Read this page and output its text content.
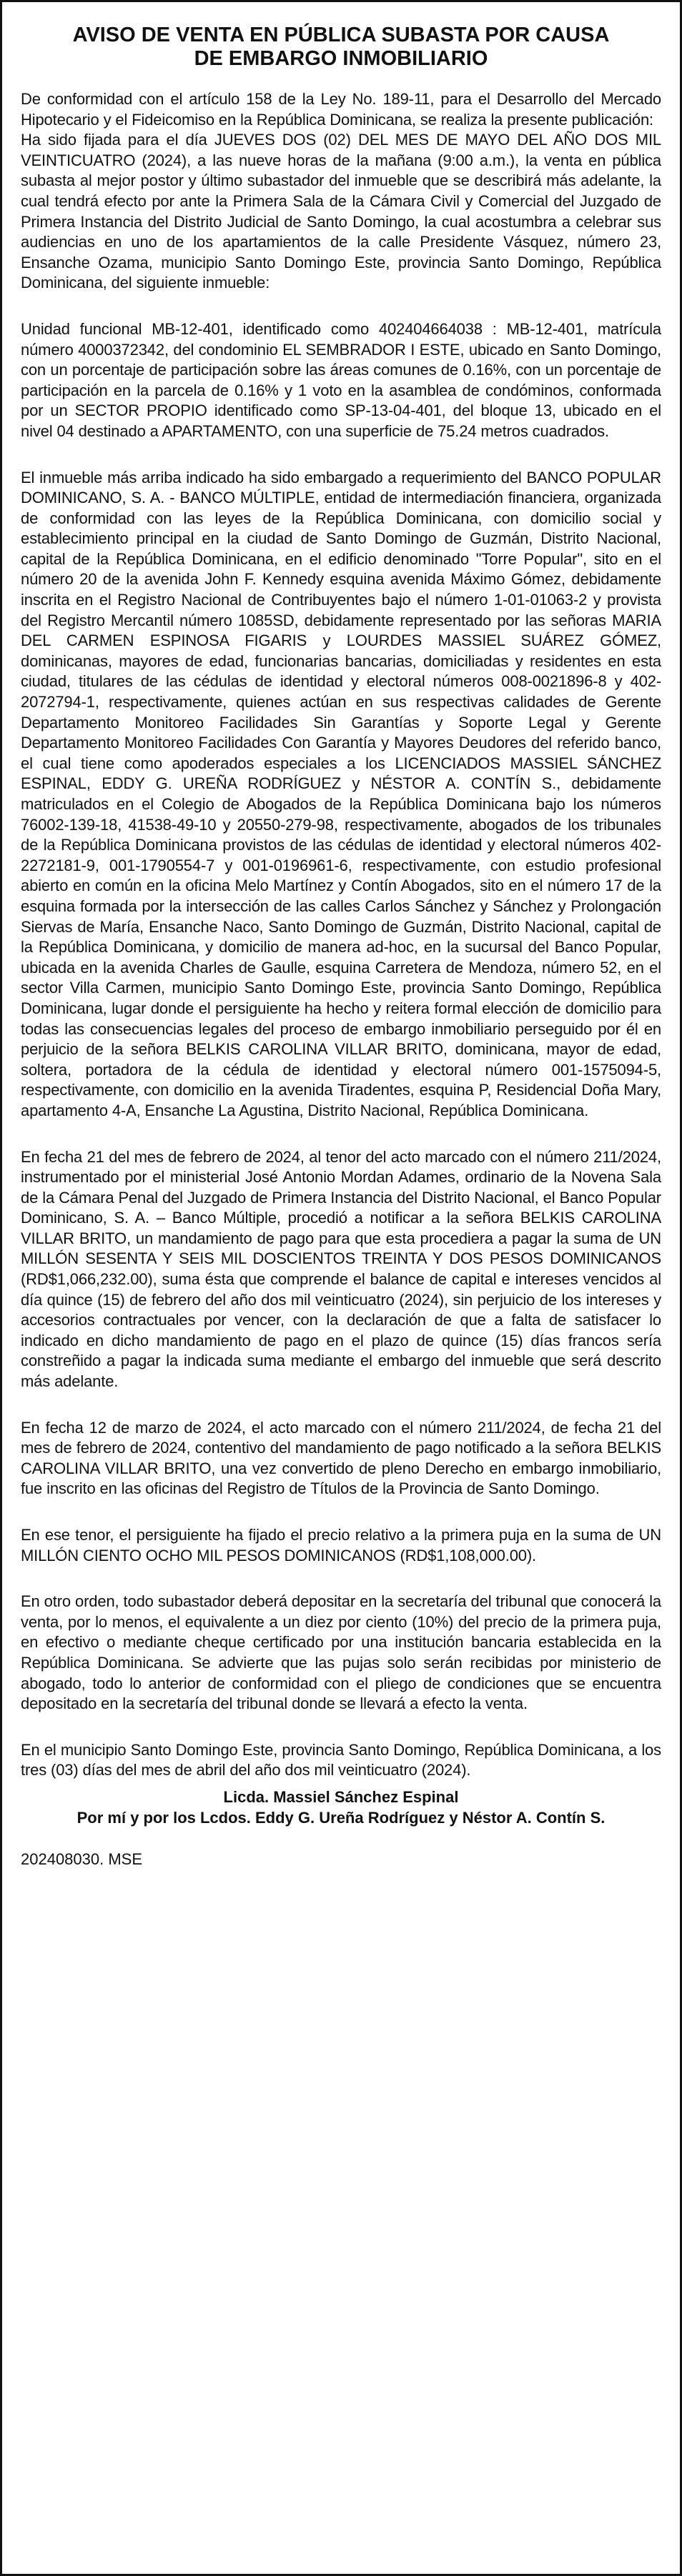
AVISO DE VENTA EN PÚBLICA SUBASTA POR CAUSA
DE EMBARGO INMOBILIARIO
De conformidad con el artículo 158 de la Ley No. 189-11, para el Desarrollo del Mercado Hipotecario y el Fideicomiso en la República Dominicana, se realiza la presente publicación:
Ha sido fijada para el día JUEVES DOS (02) DEL MES DE MAYO DEL AÑO DOS MIL VEINTICUATRO (2024), a las nueve horas de la mañana (9:00 a.m.), la venta en pública subasta al mejor postor y último subastador del inmueble que se describirá más adelante, la cual tendrá efecto por ante la Primera Sala de la Cámara Civil y Comercial del Juzgado de Primera Instancia del Distrito Judicial de Santo Domingo, la cual acostumbra a celebrar sus audiencias en uno de los apartamientos de la calle Presidente Vásquez, número 23, Ensanche Ozama, municipio Santo Domingo Este, provincia Santo Domingo, República Dominicana, del siguiente inmueble:
Unidad funcional MB-12-401, identificado como 402404664038 : MB-12-401, matrícula número 4000372342, del condominio EL SEMBRADOR I ESTE, ubicado en Santo Domingo, con un porcentaje de participación sobre las áreas comunes de 0.16%, con un porcentaje de participación en la parcela de 0.16% y 1 voto en la asamblea de condóminos, conformada por un SECTOR PROPIO identificado como SP-13-04-401, del bloque 13, ubicado en el nivel 04 destinado a APARTAMENTO, con una superficie de 75.24 metros cuadrados.
El inmueble más arriba indicado ha sido embargado a requerimiento del BANCO POPULAR DOMINICANO, S. A. - BANCO MÚLTIPLE, entidad de intermediación financiera, organizada de conformidad con las leyes de la República Dominicana, con domicilio social y establecimiento principal en la ciudad de Santo Domingo de Guzmán, Distrito Nacional, capital de la República Dominicana, en el edificio denominado "Torre Popular", sito en el número 20 de la avenida John F. Kennedy esquina avenida Máximo Gómez, debidamente inscrita en el Registro Nacional de Contribuyentes bajo el número 1-01-01063-2 y provista del Registro Mercantil número 1085SD, debidamente representado por las señoras MARIA DEL CARMEN ESPINOSA FIGARIS y LOURDES MASSIEL SUÁREZ GÓMEZ, dominicanas, mayores de edad, funcionarias bancarias, domiciliadas y residentes en esta ciudad, titulares de las cédulas de identidad y electoral números 008-0021896-8 y 402-2072794-1, respectivamente, quienes actúan en sus respectivas calidades de Gerente Departamento Monitoreo Facilidades Sin Garantías y Soporte Legal y Gerente Departamento Monitoreo Facilidades Con Garantía y Mayores Deudores del referido banco, el cual tiene como apoderados especiales a los LICENCIADOS MASSIEL SÁNCHEZ ESPINAL, EDDY G. UREÑA RODRÍGUEZ y NÉSTOR A. CONTÍN S., debidamente matriculados en el Colegio de Abogados de la República Dominicana bajo los números 76002-139-18, 41538-49-10 y 20550-279-98, respectivamente, abogados de los tribunales de la República Dominicana provistos de las cédulas de identidad y electoral números 402-2272181-9, 001-1790554-7 y 001-0196961-6, respectivamente, con estudio profesional abierto en común en la oficina Melo Martínez y Contín Abogados, sito en el número 17 de la esquina formada por la intersección de las calles Carlos Sánchez y Sánchez y Prolongación Siervas de María, Ensanche Naco, Santo Domingo de Guzmán, Distrito Nacional, capital de la República Dominicana, y domicilio de manera ad-hoc, en la sucursal del Banco Popular, ubicada en la avenida Charles de Gaulle, esquina Carretera de Mendoza, número 52, en el sector Villa Carmen, municipio Santo Domingo Este, provincia Santo Domingo, República Dominicana, lugar donde el persiguiente ha hecho y reitera formal elección de domicilio para todas las consecuencias legales del proceso de embargo inmobiliario perseguido por él en perjuicio de la señora BELKIS CAROLINA VILLAR BRITO, dominicana, mayor de edad, soltera, portadora de la cédula de identidad y electoral número 001-1575094-5, respectivamente, con domicilio en la avenida Tiradentes, esquina P, Residencial Doña Mary, apartamento 4-A, Ensanche La Agustina, Distrito Nacional, República Dominicana.
En fecha 21 del mes de febrero de 2024, al tenor del acto marcado con el número 211/2024, instrumentado por el ministerial José Antonio Mordan Adames, ordinario de la Novena Sala de la Cámara Penal del Juzgado de Primera Instancia del Distrito Nacional, el Banco Popular Dominicano, S. A. – Banco Múltiple, procedió a notificar a la señora BELKIS CAROLINA VILLAR BRITO, un mandamiento de pago para que esta procediera a pagar la suma de UN MILLÓN SESENTA Y SEIS MIL DOSCIENTOS TREINTA Y DOS PESOS DOMINICANOS (RD$1,066,232.00), suma ésta que comprende el balance de capital e intereses vencidos al día quince (15) de febrero del año dos mil veinticuatro (2024), sin perjuicio de los intereses y accesorios contractuales por vencer, con la declaración de que a falta de satisfacer lo indicado en dicho mandamiento de pago en el plazo de quince (15) días francos sería constreñido a pagar la indicada suma mediante el embargo del inmueble que será descrito más adelante.
En fecha 12 de marzo de 2024, el acto marcado con el número 211/2024, de fecha 21 del mes de febrero de 2024, contentivo del mandamiento de pago notificado a la señora BELKIS CAROLINA VILLAR BRITO, una vez convertido de pleno Derecho en embargo inmobiliario, fue inscrito en las oficinas del Registro de Títulos de la Provincia de Santo Domingo.
En ese tenor, el persiguiente ha fijado el precio relativo a la primera puja en la suma de UN MILLÓN CIENTO OCHO MIL PESOS DOMINICANOS (RD$1,108,000.00).
En otro orden, todo subastador deberá depositar en la secretaría del tribunal que conocerá la venta, por lo menos, el equivalente a un diez por ciento (10%) del precio de la primera puja, en efectivo o mediante cheque certificado por una institución bancaria establecida en la República Dominicana. Se advierte que las pujas solo serán recibidas por ministerio de abogado, todo lo anterior de conformidad con el pliego de condiciones que se encuentra depositado en la secretaría del tribunal donde se llevará a efecto la venta.
En el municipio Santo Domingo Este, provincia Santo Domingo, República Dominicana, a los tres (03) días del mes de abril del año dos mil veinticuatro (2024).
Licda. Massiel Sánchez Espinal
Por mí y por los Lcdos. Eddy G. Ureña Rodríguez y Néstor A. Contín S.
202408030. MSE
